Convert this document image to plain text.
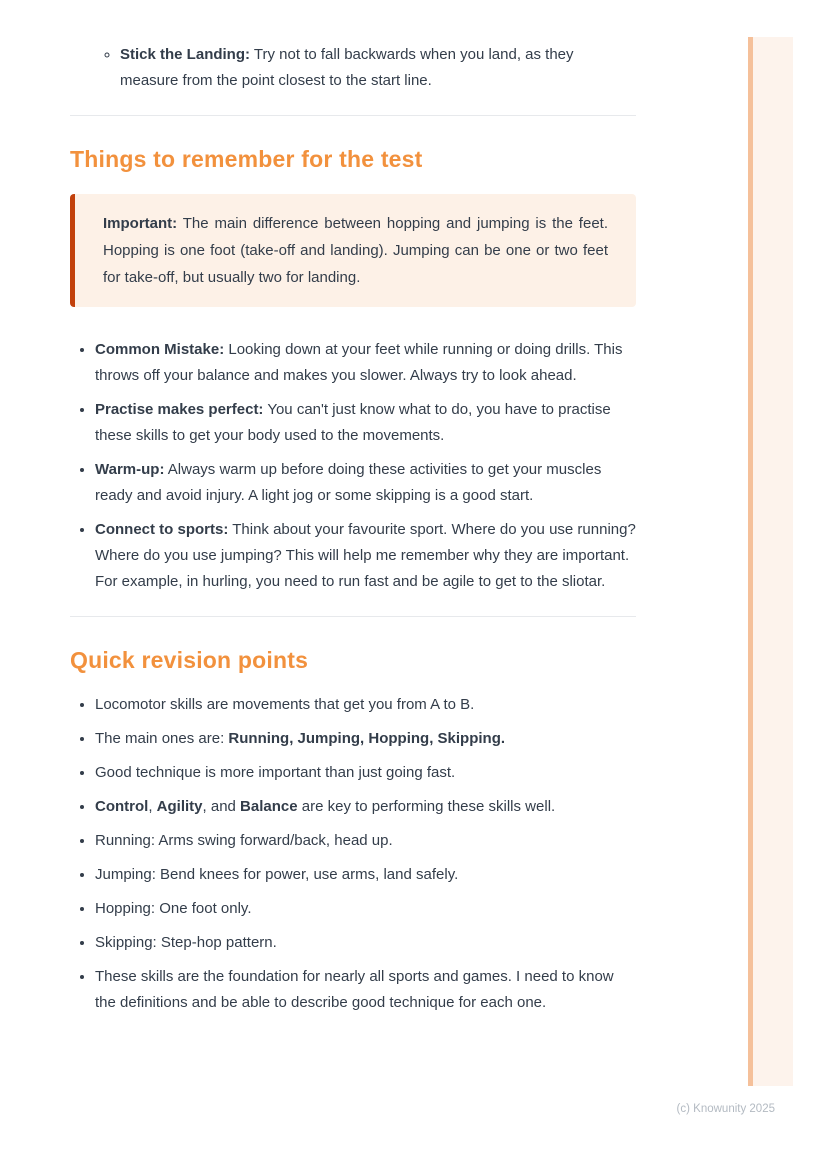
◦ Stick the Landing: Try not to fall backwards when you land, as they measure from the point closest to the start line.
Things to remember for the test

Important: The main difference between hopping and jumping is the feet. Hopping is one foot (take-off and landing). Jumping can be one or two feet for take-off, but usually two for landing.

• Common Mistake: Looking down at your feet while running or doing drills. This throws off your balance and makes you slower. Always try to look ahead.
• Practise makes perfect: You can't just know what to do, you have to practise these skills to get your body used to the movements.
• Warm-up: Always warm up before doing these activities to get your muscles ready and avoid injury. A light jog or some skipping is a good start.
• Connect to sports: Think about your favourite sport. Where do you use running? Where do you use jumping? This will help me remember why they are important. For example, in hurling, you need to run fast and be agile to get to the sliotar.
Quick revision points
• Locomotor skills are movements that get you from A to B.
• The main ones are: Running, Jumping, Hopping, Skipping.
• Good technique is more important than just going fast.
• Control, Agility, and Balance are key to performing these skills well.
• Running: Arms swing forward/back, head up.
• Jumping: Bend knees for power, use arms, land safely.
• Hopping: One foot only.
• Skipping: Step-hop pattern.
• These skills are the foundation for nearly all sports and games. I need to know the definitions and be able to describe good technique for each one.
(c) Knowunity 2025
